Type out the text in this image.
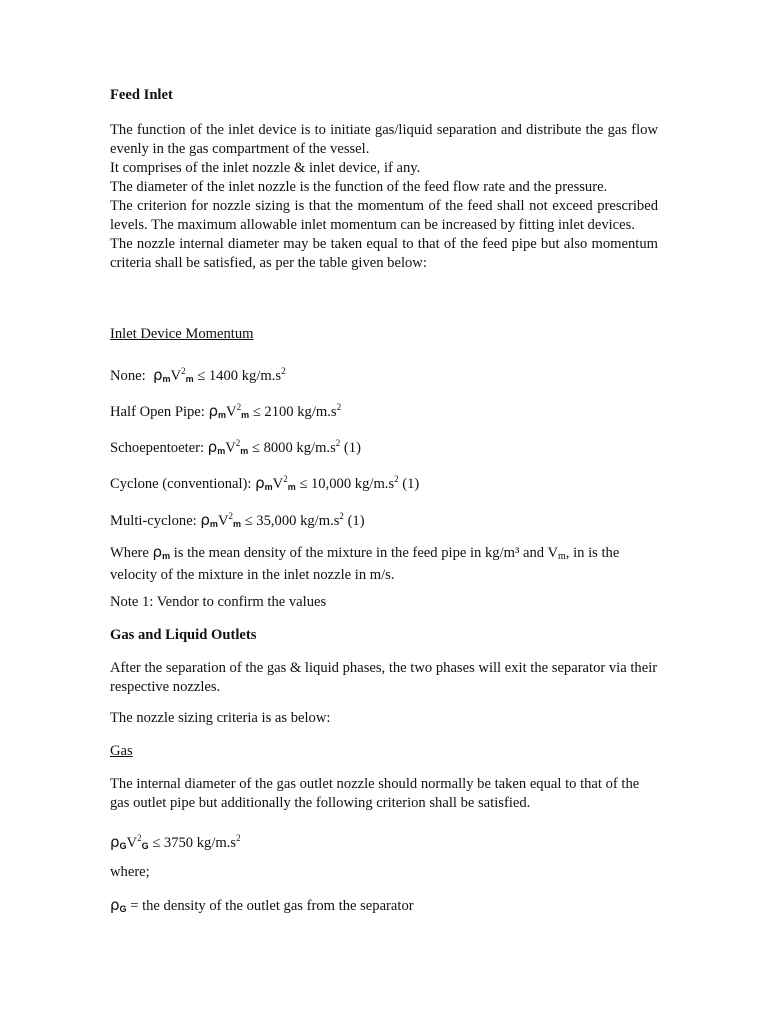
Feed Inlet
The function of the inlet device is to initiate gas/liquid separation and distribute the gas flow evenly in the gas compartment of the vessel.
It comprises of the inlet nozzle & inlet device, if any.
The diameter of the inlet nozzle is the function of the feed flow rate and the pressure.
The criterion for nozzle sizing is that the momentum of the feed shall not exceed prescribed levels. The maximum allowable inlet momentum can be increased by fitting inlet devices.
The nozzle internal diameter may be taken equal to that of the feed pipe but also momentum criteria shall be satisfied, as per the table given below:
Inlet Device Momentum
None: $\rho_mV^2_m \le 1400$ $kg/m.s^2$
Half Open Pipe: $\rho_mV^2_m \le 2100$ $kg/m.s^2$
Schoepentoeter: $\rho_mV^2_m \le 8000$ $kg/m.s^2$ (1)
Cyclone (conventional): $\rho_mV^2_m \le 10,000$ $kg/m.s^2$ (1)
Multi-cyclone: $\rho_mV^2_m \le 35,000$ $kg/m.s^2$ (1)
Where $\rho_m$ is the mean density of the mixture in the feed pipe in kg/m³ and Vm, in is the velocity of the mixture in the inlet nozzle in m/s.
Note 1: Vendor to confirm the values
Gas and Liquid Outlets
After the separation of the gas & liquid phases, the two phases will exit the separator via their respective nozzles.
The nozzle sizing criteria is as below:
Gas
The internal diameter of the gas outlet nozzle should normally be taken equal to that of the gas outlet pipe but additionally the following criterion shall be satisfied.
$\rho_GV^2_G \le 3750$ $kg/m.s^2$
where;
$\rho_G$ = the density of the outlet gas from the separator
